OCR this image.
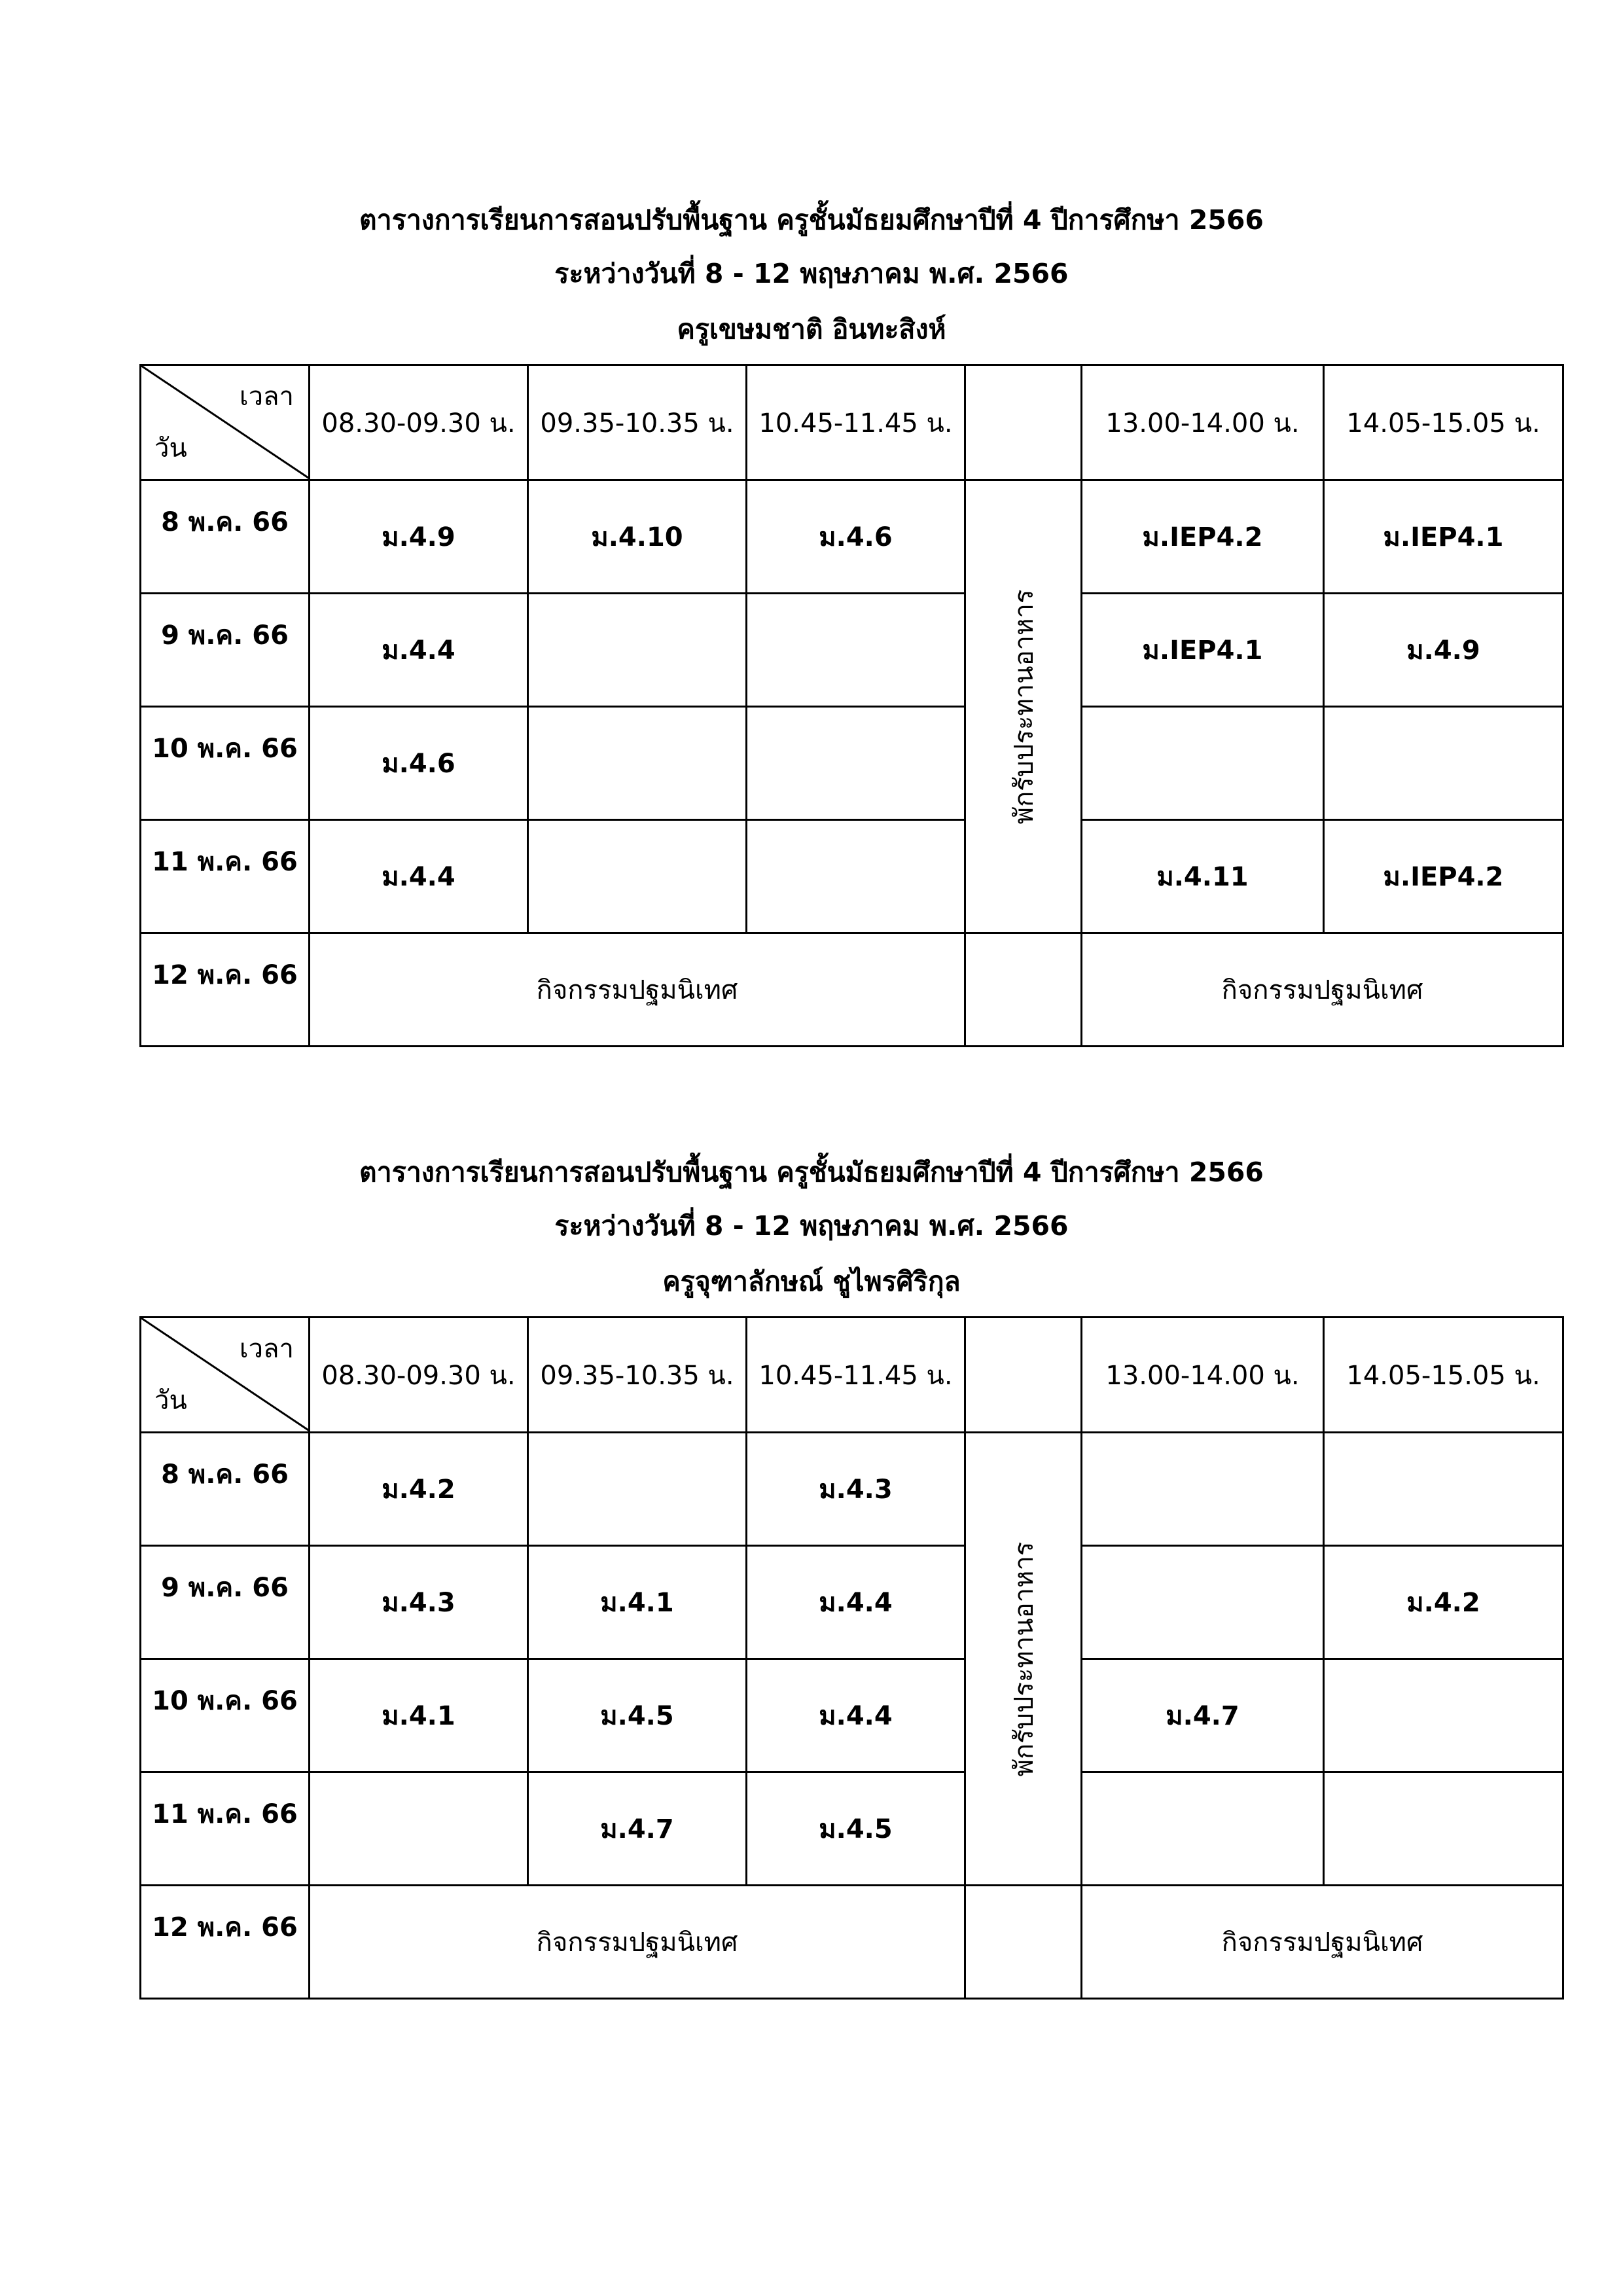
ตารางการเรียนการสอนปรับพื้นฐาน ครูชั้นมัธยมศึกษาปีที่ 4 ปีการศึกษา 2566
ระหว่างวันที่ 8 - 12 พฤษภาคม พ.ศ. 2566
ครูเขษมชาติ อินทะสิงห์
เวลา
วัน	08.30-09.30 น.	09.35-10.35 น.	10.45-11.45 น.		13.00-14.00 น.	14.05-15.05 น.
8 พ.ค. 66	ม.4.9	ม.4.10	ม.4.6	พักรับประทานอาหาร	ม.IEP4.2	ม.IEP4.1
9 พ.ค. 66	ม.4.4				ม.IEP4.1	ม.4.9
10 พ.ค. 66	ม.4.6					
11 พ.ค. 66	ม.4.4				ม.4.11	ม.IEP4.2
12 พ.ค. 66	กิจกรรมปฐมนิเทศ				กิจกรรมปฐมนิเทศ	
ตารางการเรียนการสอนปรับพื้นฐาน ครูชั้นมัธยมศึกษาปีที่ 4 ปีการศึกษา 2566
ระหว่างวันที่ 8 - 12 พฤษภาคม พ.ศ. 2566
ครูจุฑาลักษณ์ ชูไพรศิริกุล
เวลา
วัน	08.30-09.30 น.	09.35-10.35 น.	10.45-11.45 น.		13.00-14.00 น.	14.05-15.05 น.
8 พ.ค. 66	ม.4.2		ม.4.3	พักรับประทานอาหาร		

9 พ.ค. 66	ม.4.3	ม.4.1	ม.4.4			ม.4.2
10 พ.ค. 66	ม.4.1	ม.4.5	ม.4.4		ม.4.7	
11 พ.ค. 66		ม.4.7	ม.4.5			
12 พ.ค. 66	กิจกรรมปฐมนิเทศ				กิจกรรมปฐมนิเทศ	
